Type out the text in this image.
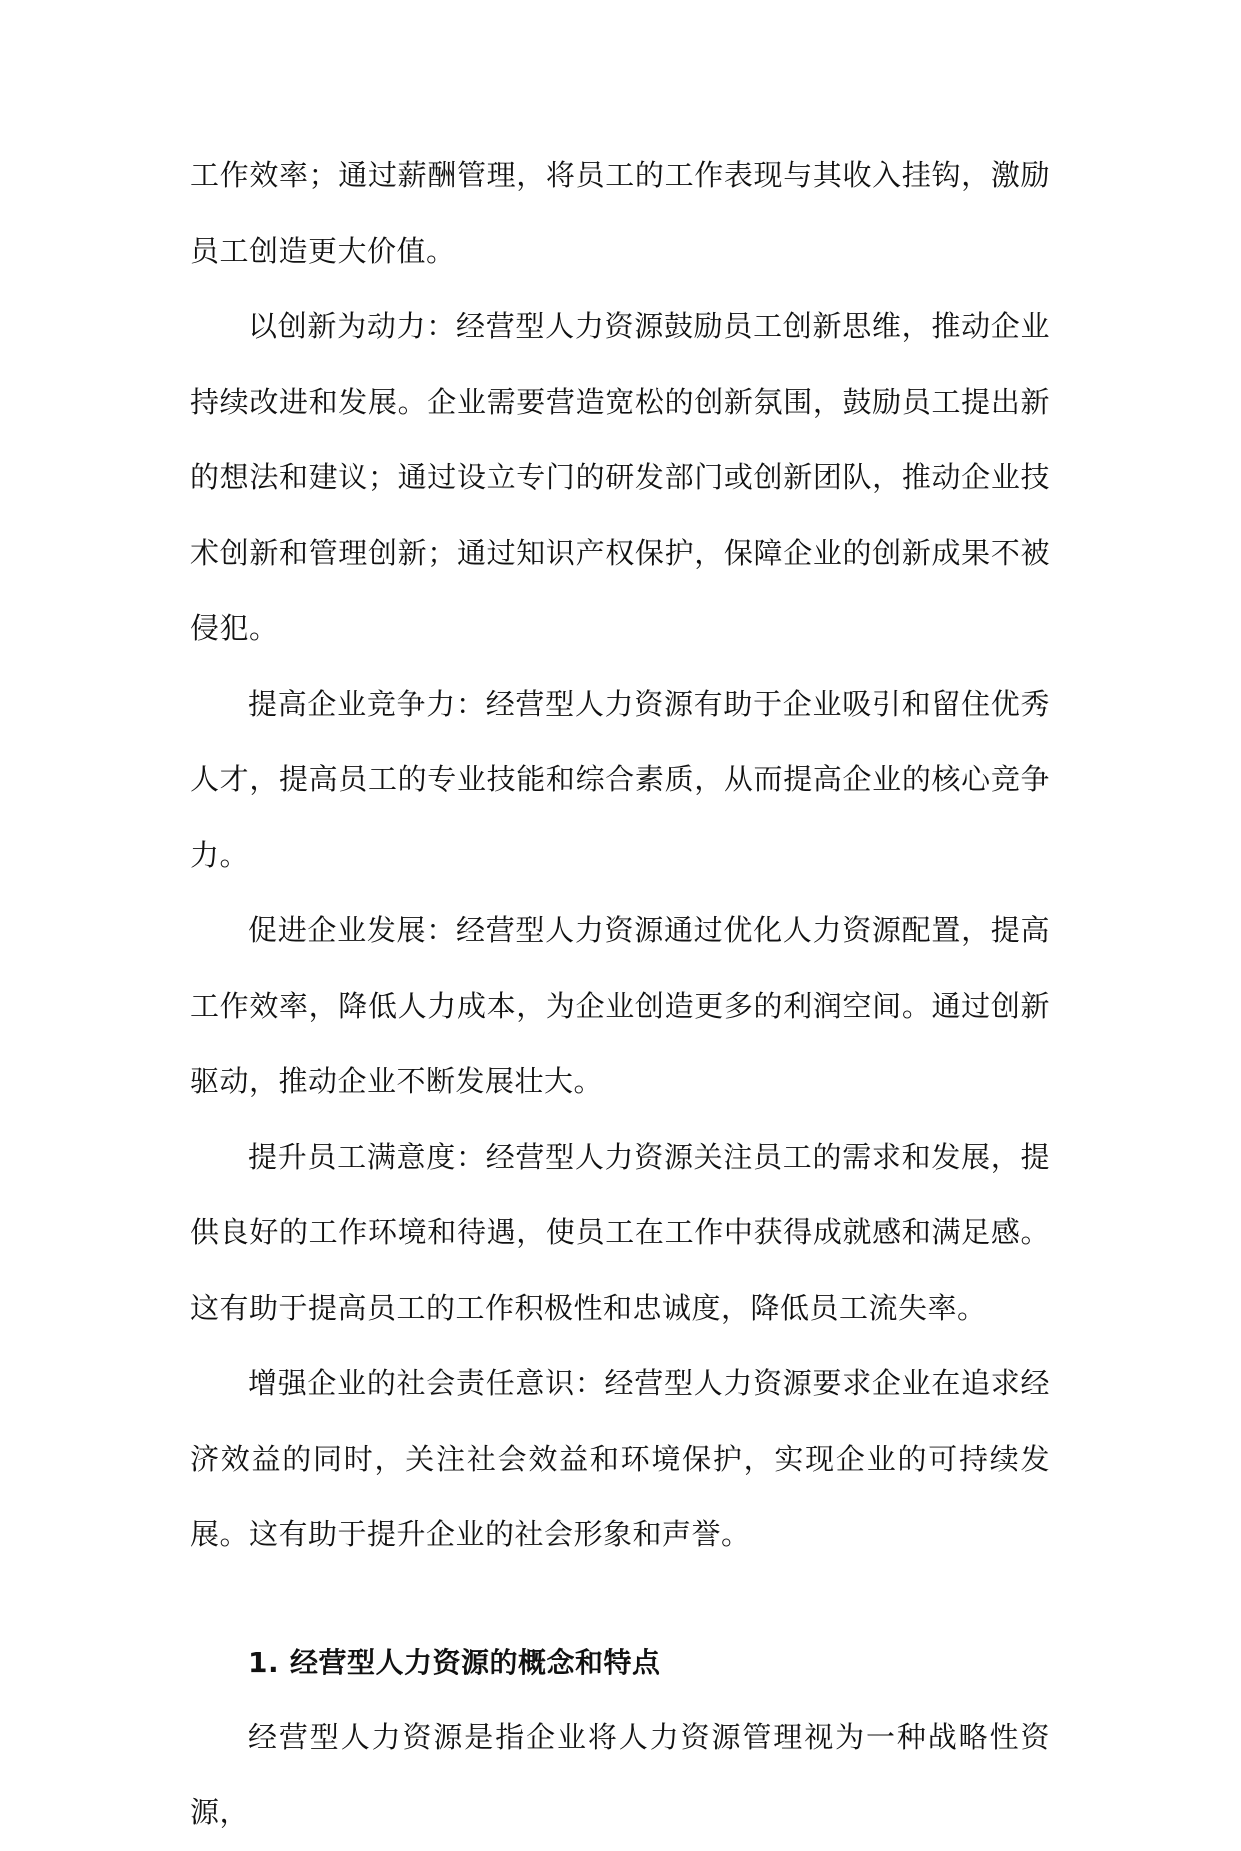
工作效率；通过薪酬管理，将员工的工作表现与其收入挂钩，激励员工创造更大价值。

以创新为动力：经营型人力资源鼓励员工创新思维，推动企业持续改进和发展。企业需要营造宽松的创新氛围，鼓励员工提出新的想法和建议；通过设立专门的研发部门或创新团队，推动企业技术创新和管理创新；通过知识产权保护，保障企业的创新成果不被侵犯。

提高企业竞争力：经营型人力资源有助于企业吸引和留住优秀人才，提高员工的专业技能和综合素质，从而提高企业的核心竞争力。

促进企业发展：经营型人力资源通过优化人力资源配置，提高工作效率，降低人力成本，为企业创造更多的利润空间。通过创新驱动，推动企业不断发展壮大。

提升员工满意度：经营型人力资源关注员工的需求和发展，提供良好的工作环境和待遇，使员工在工作中获得成就感和满足感。这有助于提高员工的工作积极性和忠诚度，降低员工流失率。

增强企业的社会责任意识：经营型人力资源要求企业在追求经济效益的同时，关注社会效益和环境保护，实现企业的可持续发展。这有助于提升企业的社会形象和声誉。

1. 经营型人力资源的概念和特点

经营型人力资源是指企业将人力资源管理视为一种战略性资源，
